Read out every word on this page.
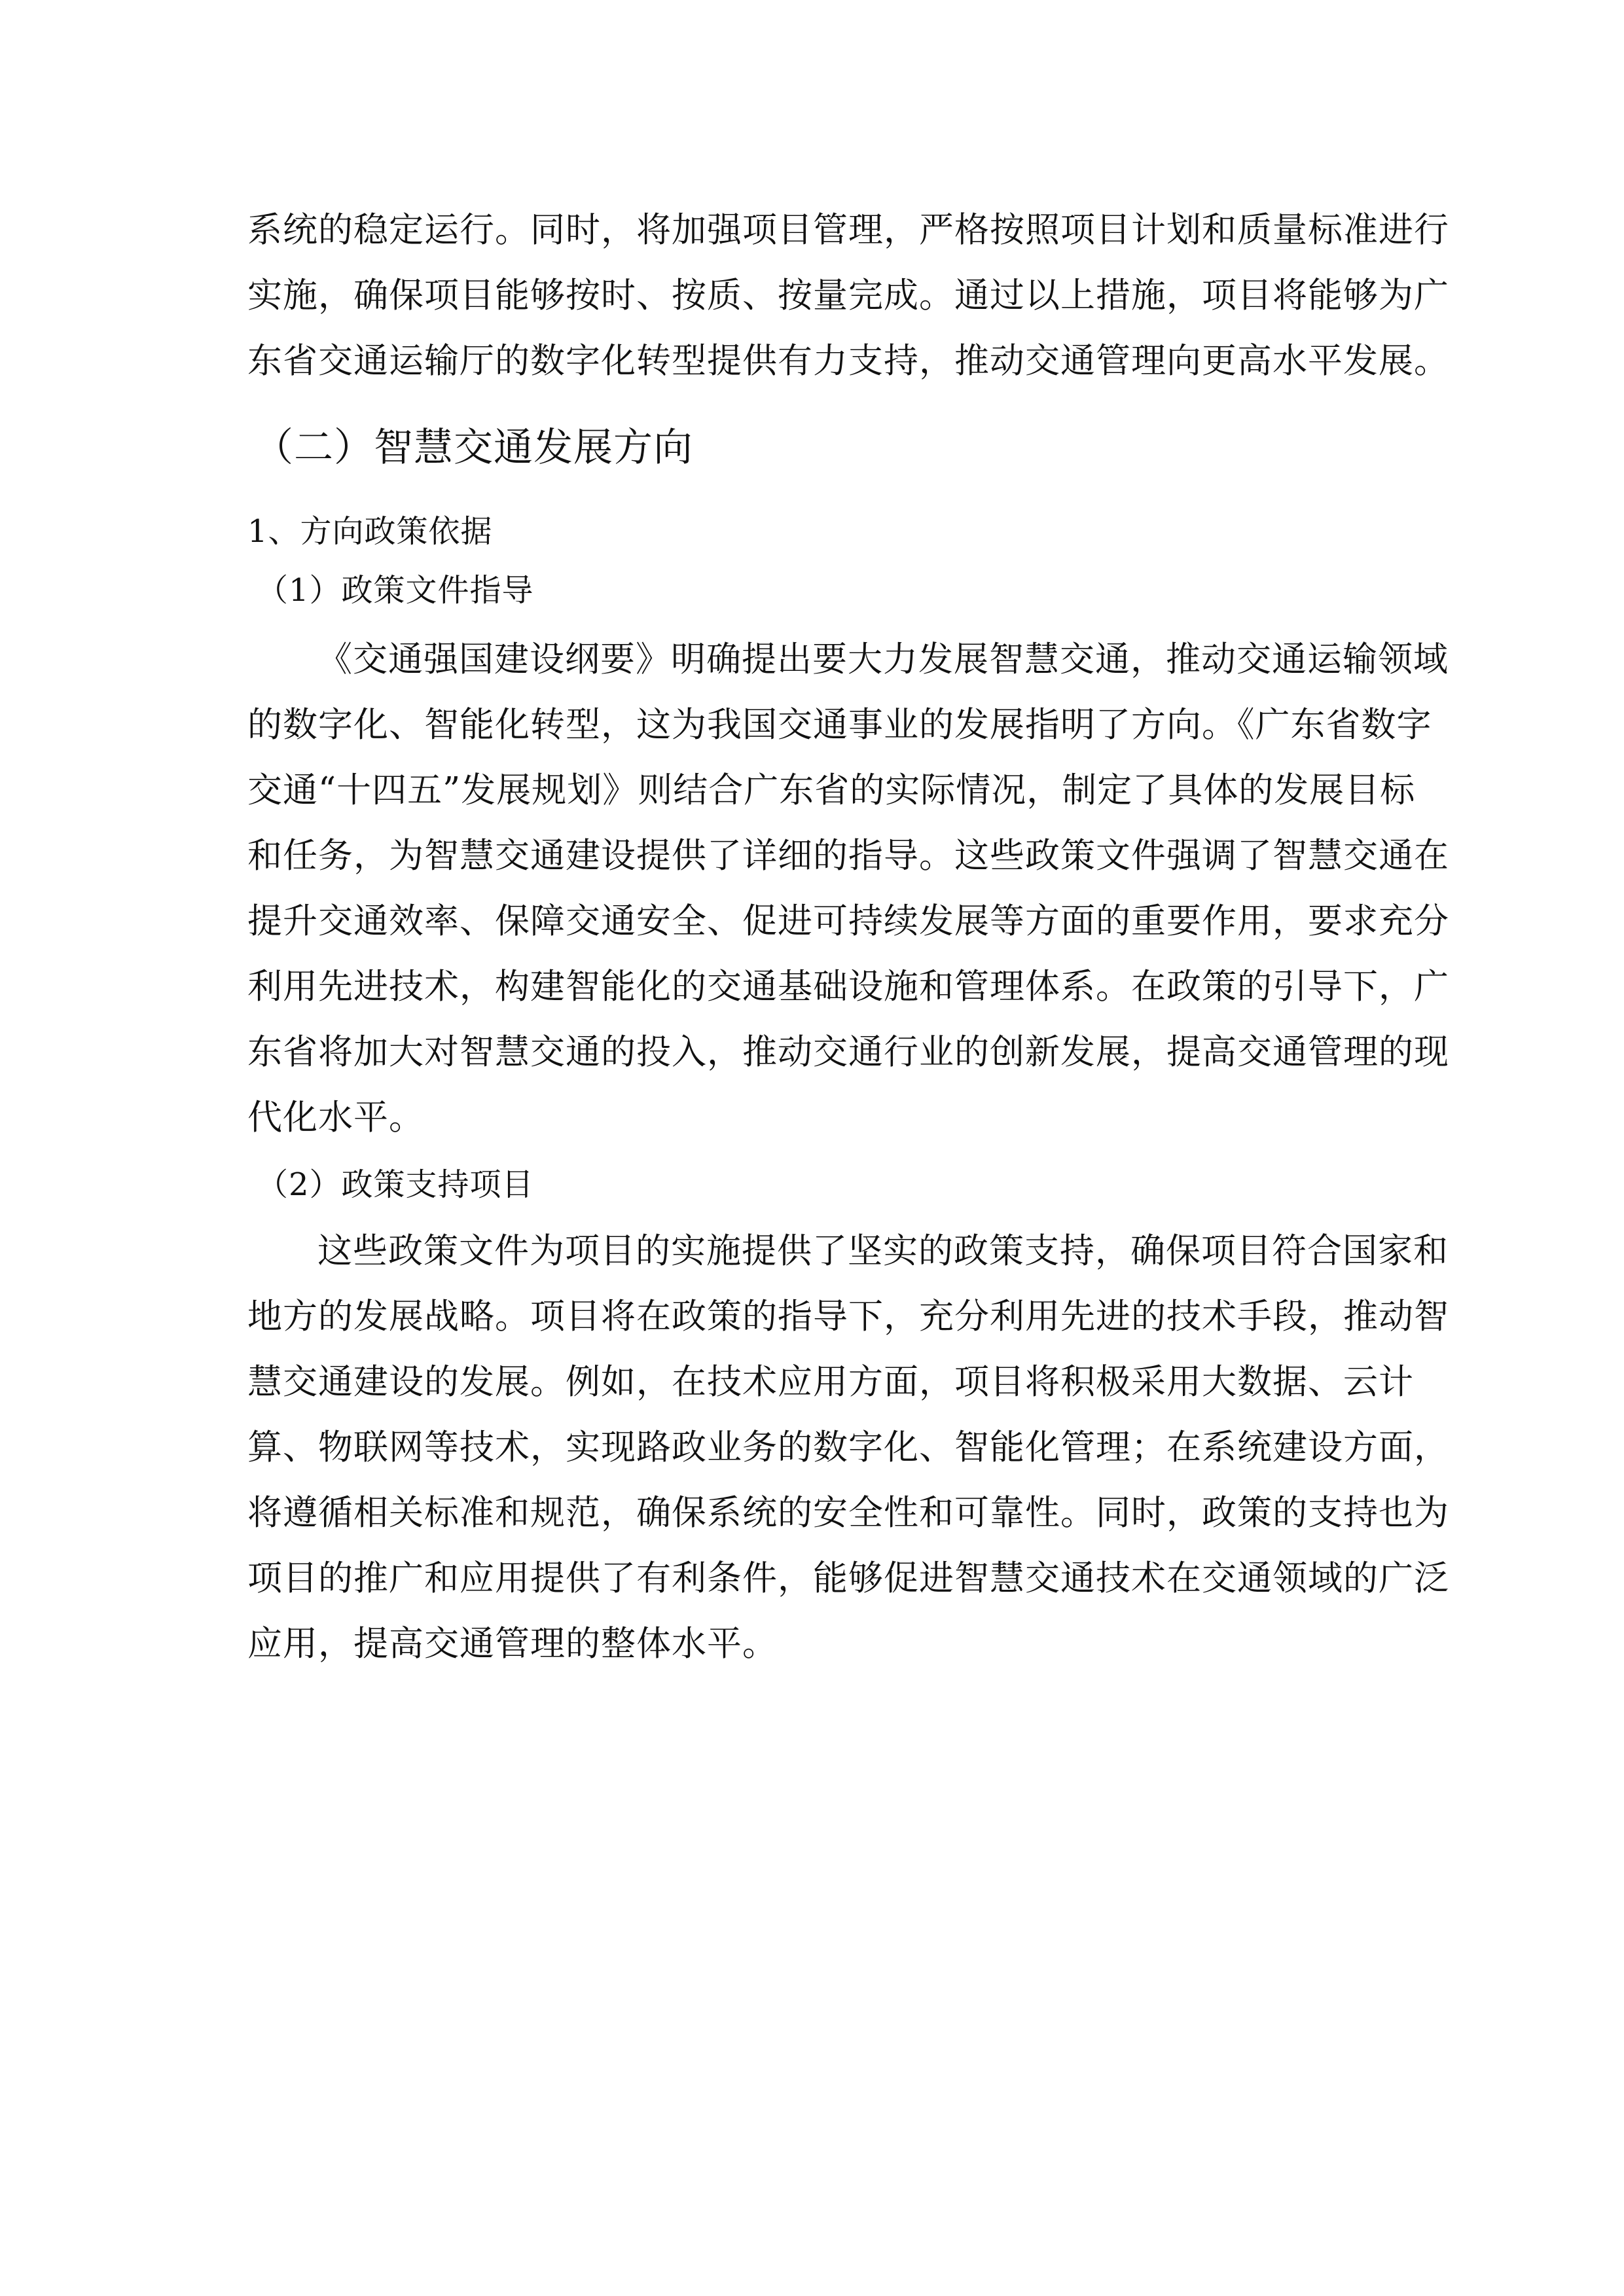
系统的稳定运行。同时，将加强项目管理，严格按照项目计划和质量标准进行
实施，确保项目能够按时、按质、按量完成。通过以上措施，项目将能够为广
东省交通运输厅的数字化转型提供有力支持，推动交通管理向更高水平发展。
（二）智慧交通发展方向
1、方向政策依据
（1）政策文件指导
《交通强国建设纲要》明确提出要大力发展智慧交通，推动交通运输领域
的数字化、智能化转型，这为我国交通事业的发展指明了方向。《广东省数字
交通“十四五”发展规划》则结合广东省的实际情况，制定了具体的发展目标
和任务，为智慧交通建设提供了详细的指导。这些政策文件强调了智慧交通在
提升交通效率、保障交通安全、促进可持续发展等方面的重要作用，要求充分
利用先进技术，构建智能化的交通基础设施和管理体系。在政策的引导下，广
东省将加大对智慧交通的投入，推动交通行业的创新发展，提高交通管理的现
代化水平。
（2）政策支持项目
这些政策文件为项目的实施提供了坚实的政策支持，确保项目符合国家和
地方的发展战略。项目将在政策的指导下，充分利用先进的技术手段，推动智
慧交通建设的发展。例如，在技术应用方面，项目将积极采用大数据、云计
算、物联网等技术，实现路政业务的数字化、智能化管理；在系统建设方面，
将遵循相关标准和规范，确保系统的安全性和可靠性。同时，政策的支持也为
项目的推广和应用提供了有利条件，能够促进智慧交通技术在交通领域的广泛
应用，提高交通管理的整体水平。
